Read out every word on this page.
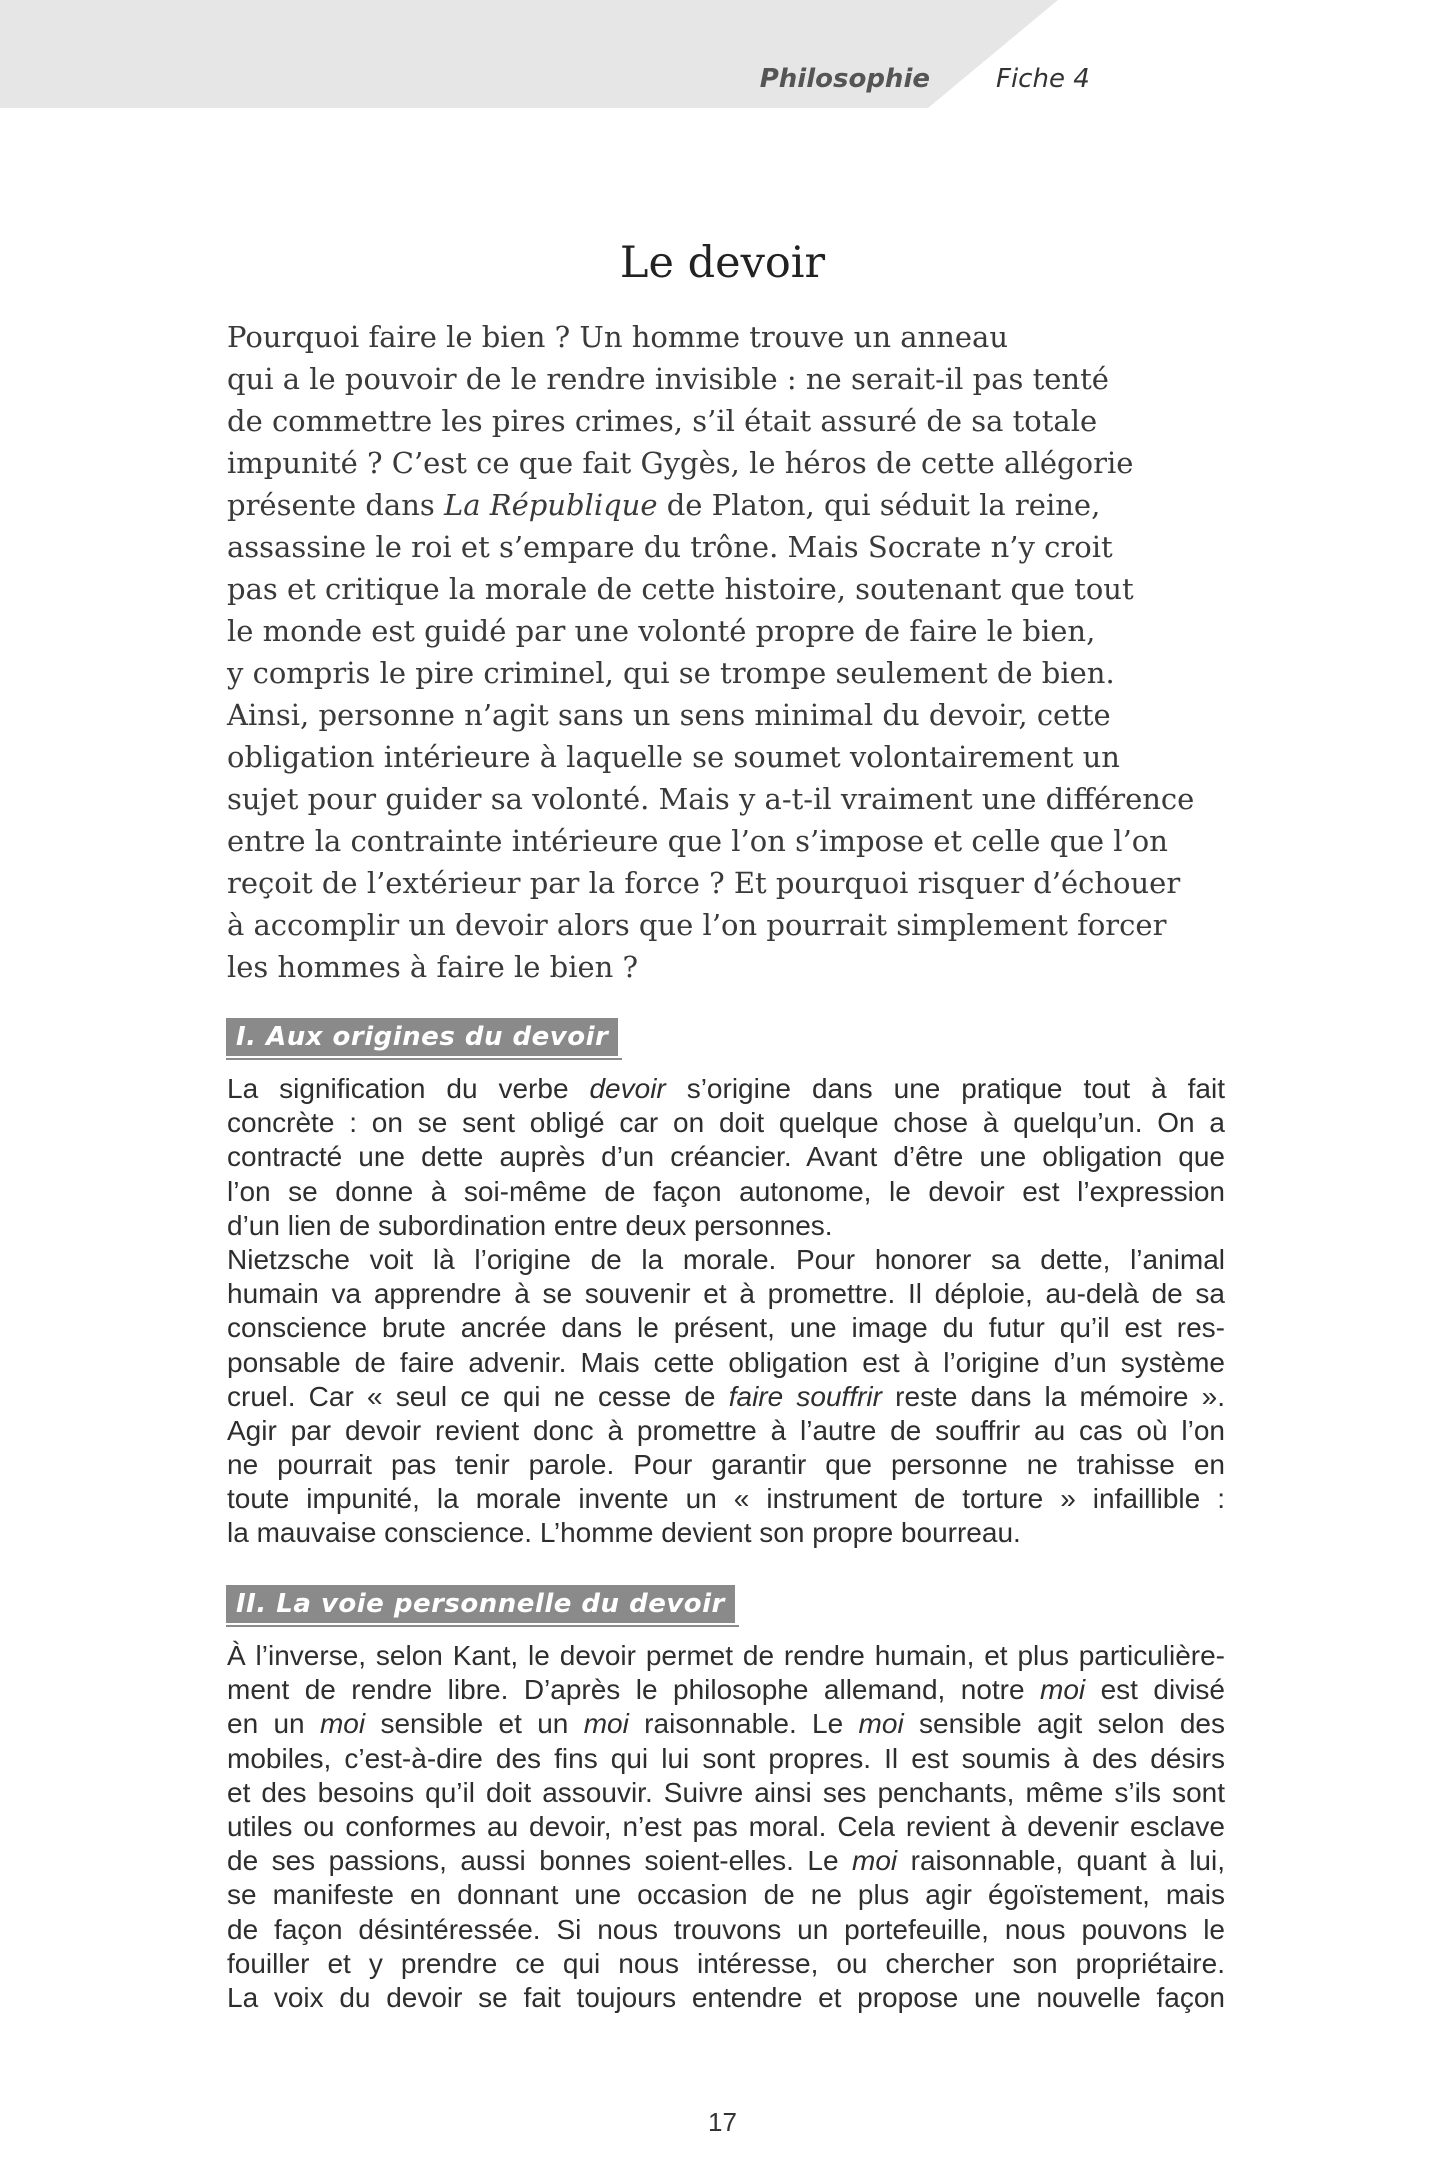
Philosophie	Fiche 4
Le devoir
Pourquoi faire le bien ? Un homme trouve un anneau
qui a le pouvoir de le rendre invisible : ne serait-il pas tenté
de commettre les pires crimes, s’il était assuré de sa totale
impunité ? C’est ce que fait Gygès, le héros de cette allégorie
présente dans La République de Platon, qui séduit la reine,
assassine le roi et s’empare du trône. Mais Socrate n’y croit
pas et critique la morale de cette histoire, soutenant que tout
le monde est guidé par une volonté propre de faire le bien,
y compris le pire criminel, qui se trompe seulement de bien.
Ainsi, personne n’agit sans un sens minimal du devoir, cette
obligation intérieure à laquelle se soumet volontairement un
sujet pour guider sa volonté. Mais y a-t-il vraiment une différence
entre la contrainte intérieure que l’on s’impose et celle que l’on
reçoit de l’extérieur par la force ? Et pourquoi risquer d’échouer
à accomplir un devoir alors que l’on pourrait simplement forcer
les hommes à faire le bien ?
I. Aux origines du devoir
La signification du verbe devoir s’origine dans une pratique tout à fait
concrète : on se sent obligé car on doit quelque chose à quelqu’un. On a
contracté une dette auprès d’un créancier. Avant d’être une obligation que
l’on se donne à soi-même de façon autonome, le devoir est l’expression
d’un lien de subordination entre deux personnes.
Nietzsche voit là l’origine de la morale. Pour honorer sa dette, l’animal
humain va apprendre à se souvenir et à promettre. Il déploie, au-delà de sa
conscience brute ancrée dans le présent, une image du futur qu’il est res-
ponsable de faire advenir. Mais cette obligation est à l’origine d’un système
cruel. Car « seul ce qui ne cesse de faire souffrir reste dans la mémoire ».
Agir par devoir revient donc à promettre à l’autre de souffrir au cas où l’on
ne pourrait pas tenir parole. Pour garantir que personne ne trahisse en
toute impunité, la morale invente un « instrument de torture » infaillible :
la mauvaise conscience. L’homme devient son propre bourreau.
II. La voie personnelle du devoir
À l’inverse, selon Kant, le devoir permet de rendre humain, et plus particulière-
ment de rendre libre. D’après le philosophe allemand, notre moi est divisé
en un moi sensible et un moi raisonnable. Le moi sensible agit selon des
mobiles, c’est-à-dire des fins qui lui sont propres. Il est soumis à des désirs
et des besoins qu’il doit assouvir. Suivre ainsi ses penchants, même s’ils sont
utiles ou conformes au devoir, n’est pas moral. Cela revient à devenir esclave
de ses passions, aussi bonnes soient-elles. Le moi raisonnable, quant à lui,
se manifeste en donnant une occasion de ne plus agir égoïstement, mais
de façon désintéressée. Si nous trouvons un portefeuille, nous pouvons le
fouiller et y prendre ce qui nous intéresse, ou chercher son propriétaire.
La voix du devoir se fait toujours entendre et propose une nouvelle façon
17
